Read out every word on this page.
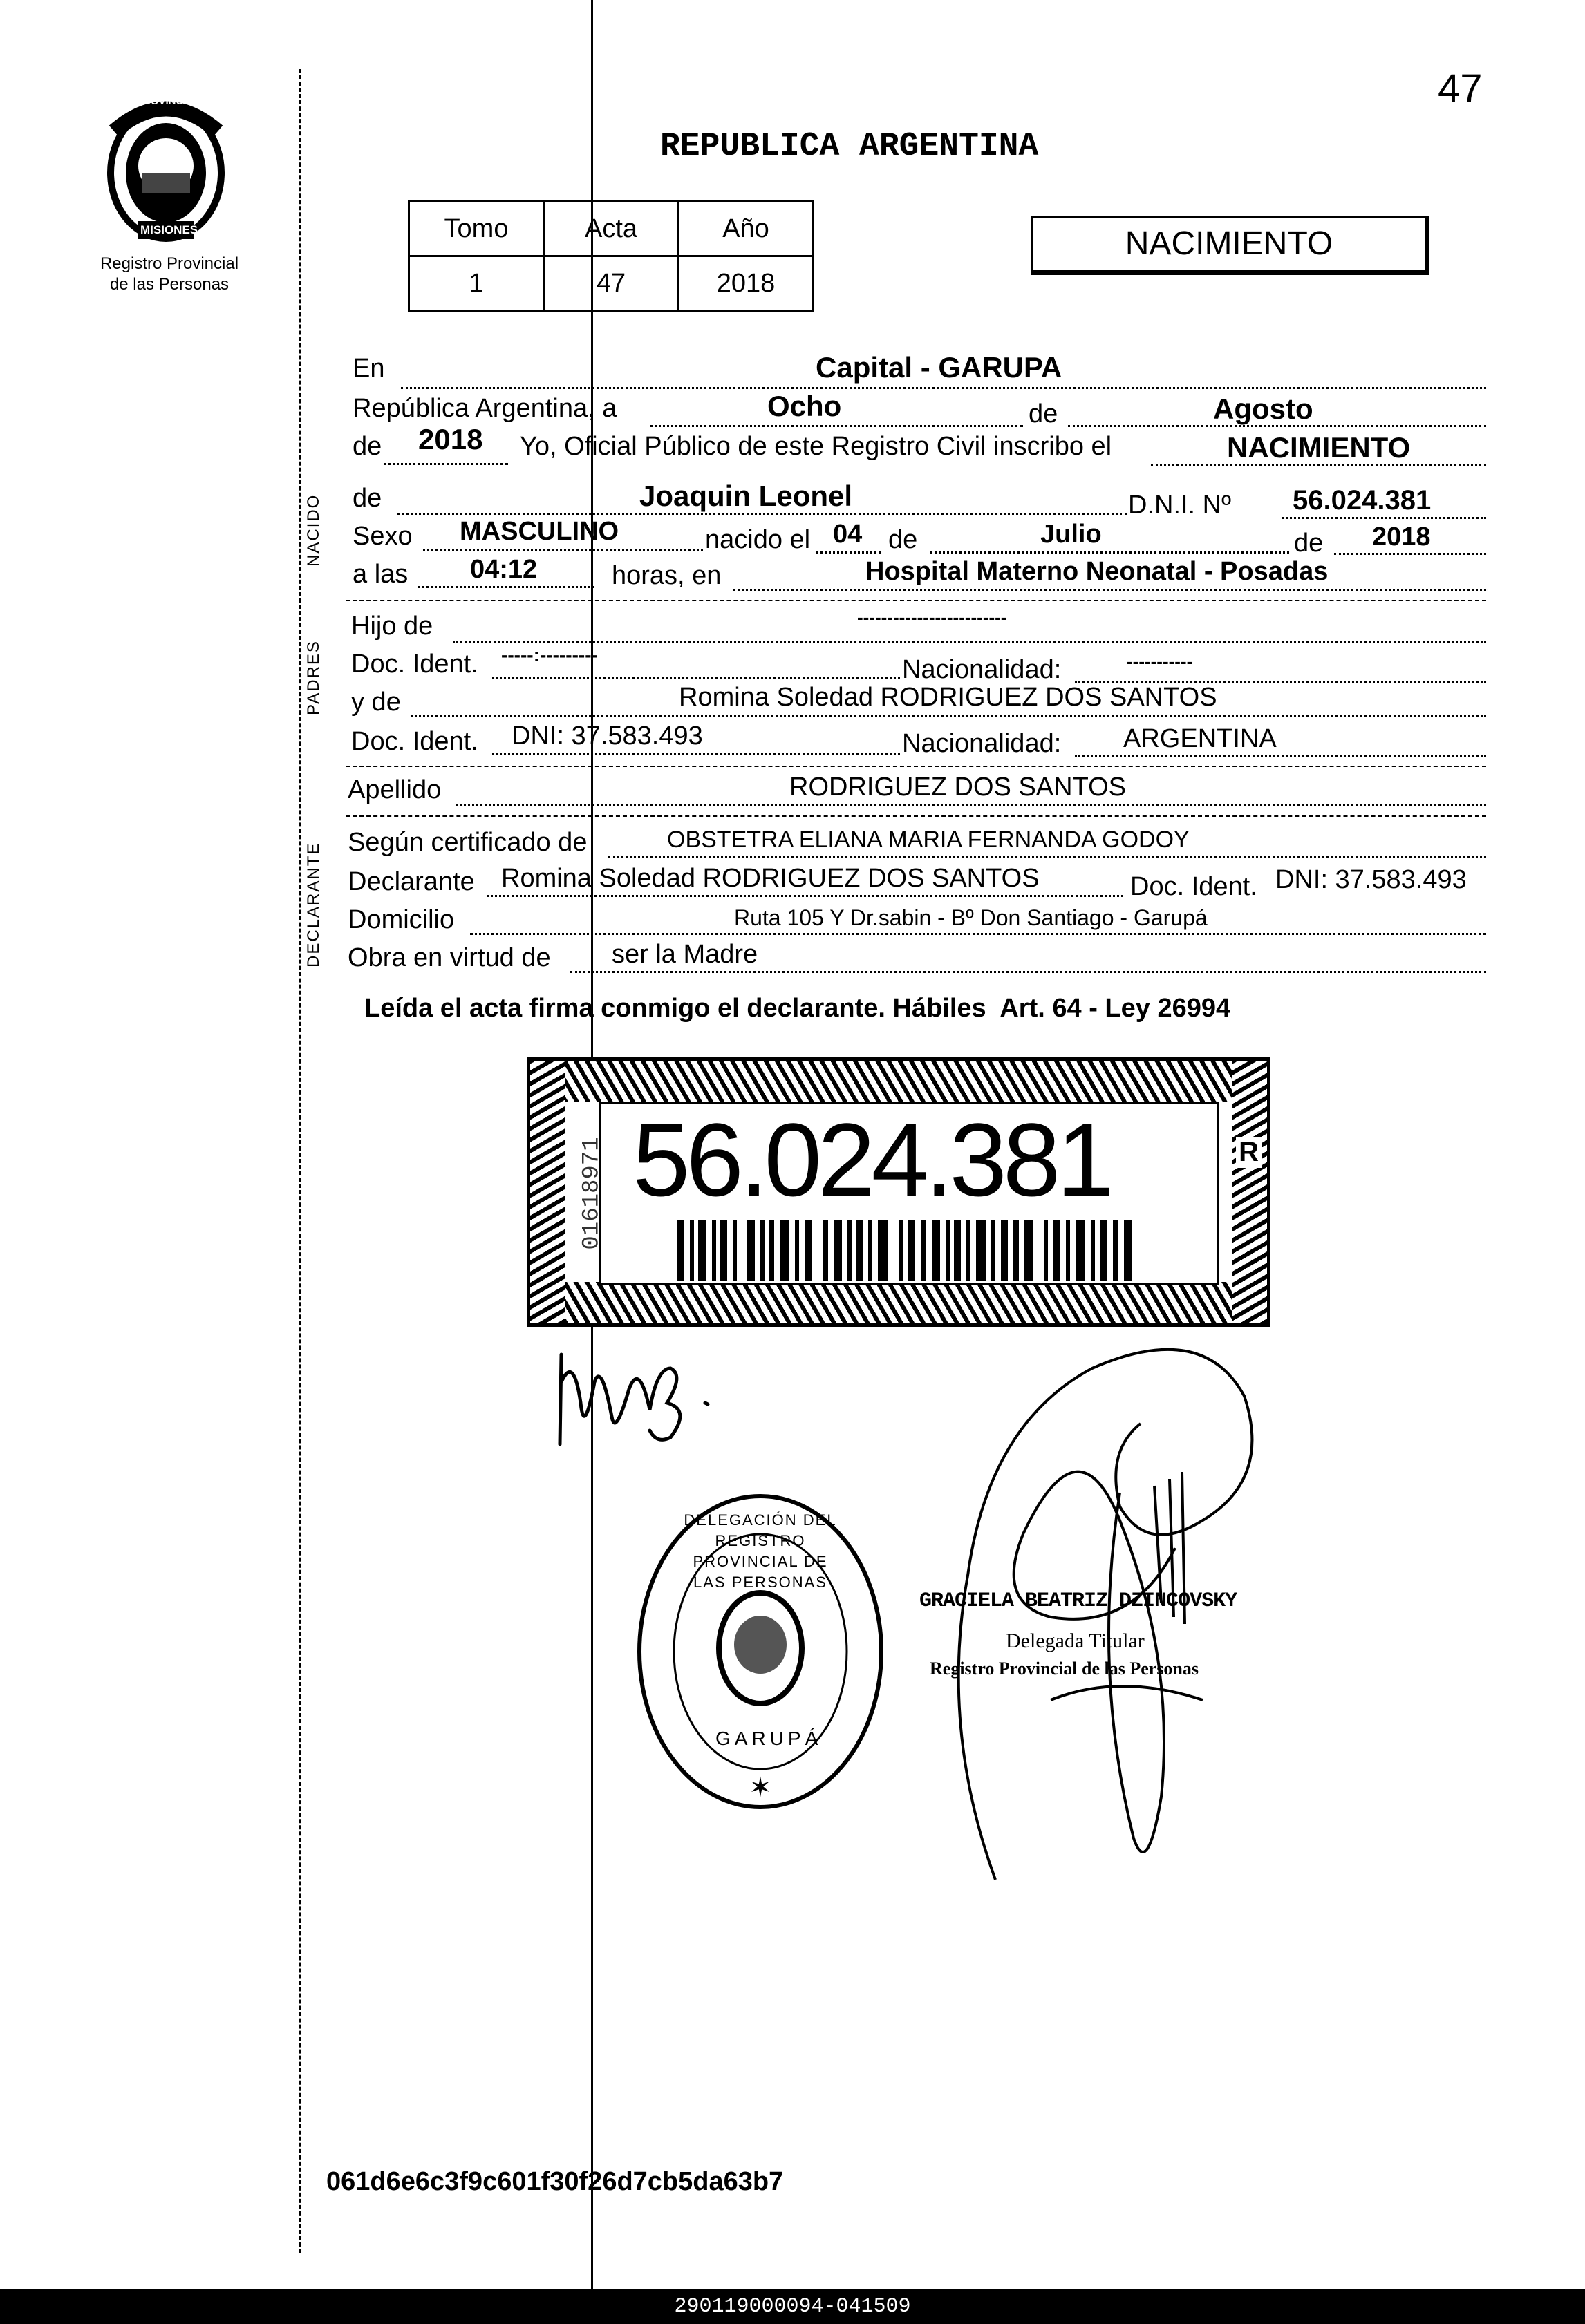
47
PROVINCIA DE
MISIONES
Registro Provincial
de las Personas
REPUBLICA ARGENTINA
Tomo	Acta	Año
1	47	2018
NACIMIENTO
NACIDO
PADRES
DECLARANTE
En	Capital - GARUPA
República Argentina, a	Ocho	de	Agosto
de 2018 Yo, Oficial Público de este Registro Civil inscribo el	NACIMIENTO
de	Joaquin Leonel	D.N.I. Nº 56.024.381
Sexo MASCULINO	nacido el 04 de	Julio	de 2018
a las 04:12	horas, en	Hospital Materno Neonatal - Posadas
Hijo de	-------------------------
Doc. Ident. -----:---------
Nacionalidad:	-----------
y de	Romina Soledad RODRIGUEZ DOS SANTOS
Doc. Ident. DNI: 37.583.493	Nacionalidad: ARGENTINA
Apellido	RODRIGUEZ DOS SANTOS
Según certificado de	OBSTETRA ELIANA MARIA FERNANDA GODOY
Declarante Romina Soledad RODRIGUEZ DOS SANTOS	Doc. Ident. DNI: 37.583.493
Domicilio	Ruta 105 Y Dr.sabin - Bº Don Santiago - Garupá
Obra en virtud de ser la Madre
Leída el acta firma conmigo el declarante. Hábiles  Art. 64 - Ley 26994
R
01618971 56.024.381
GRACIELA BEATRIZ DZINCOVSKY
Delegada Titular
Registro Provincial de las Personas
✶
DELEGACIÓN DEL REGISTRO PROVINCIAL DE LAS PERSONAS
GARUPÁ
061d6e6c3f9c601f30f26d7cb5da63b7
290119000094-041509
